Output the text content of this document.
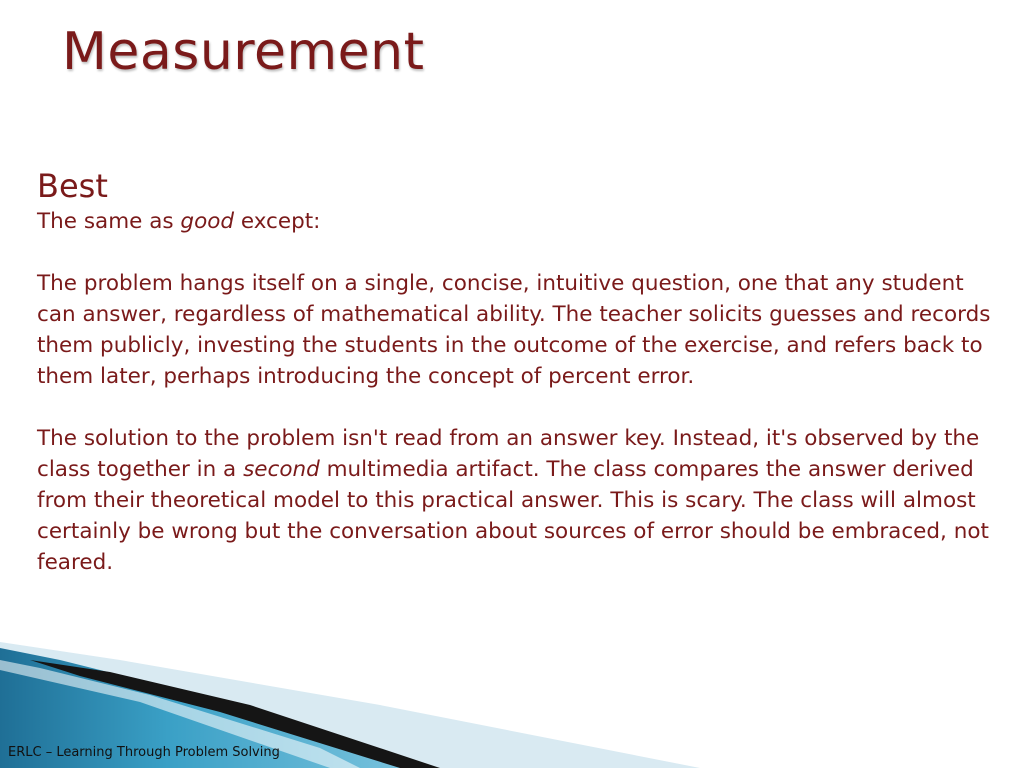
Measurement
Best

The same as good except:

The problem hangs itself on a single, concise, intuitive question, one that any student can answer, regardless of mathematical ability. The teacher solicits guesses and records them publicly, investing the students in the outcome of the exercise, and refers back to them later, perhaps introducing the concept of percent error.

The solution to the problem isn't read from an answer key. Instead, it's observed by the class together in a second multimedia artifact. The class compares the answer derived from their theoretical model to this practical answer. This is scary. The class will almost certainly be wrong but the conversation about sources of error should be embraced, not feared.

ERLC – Learning Through Problem Solving
